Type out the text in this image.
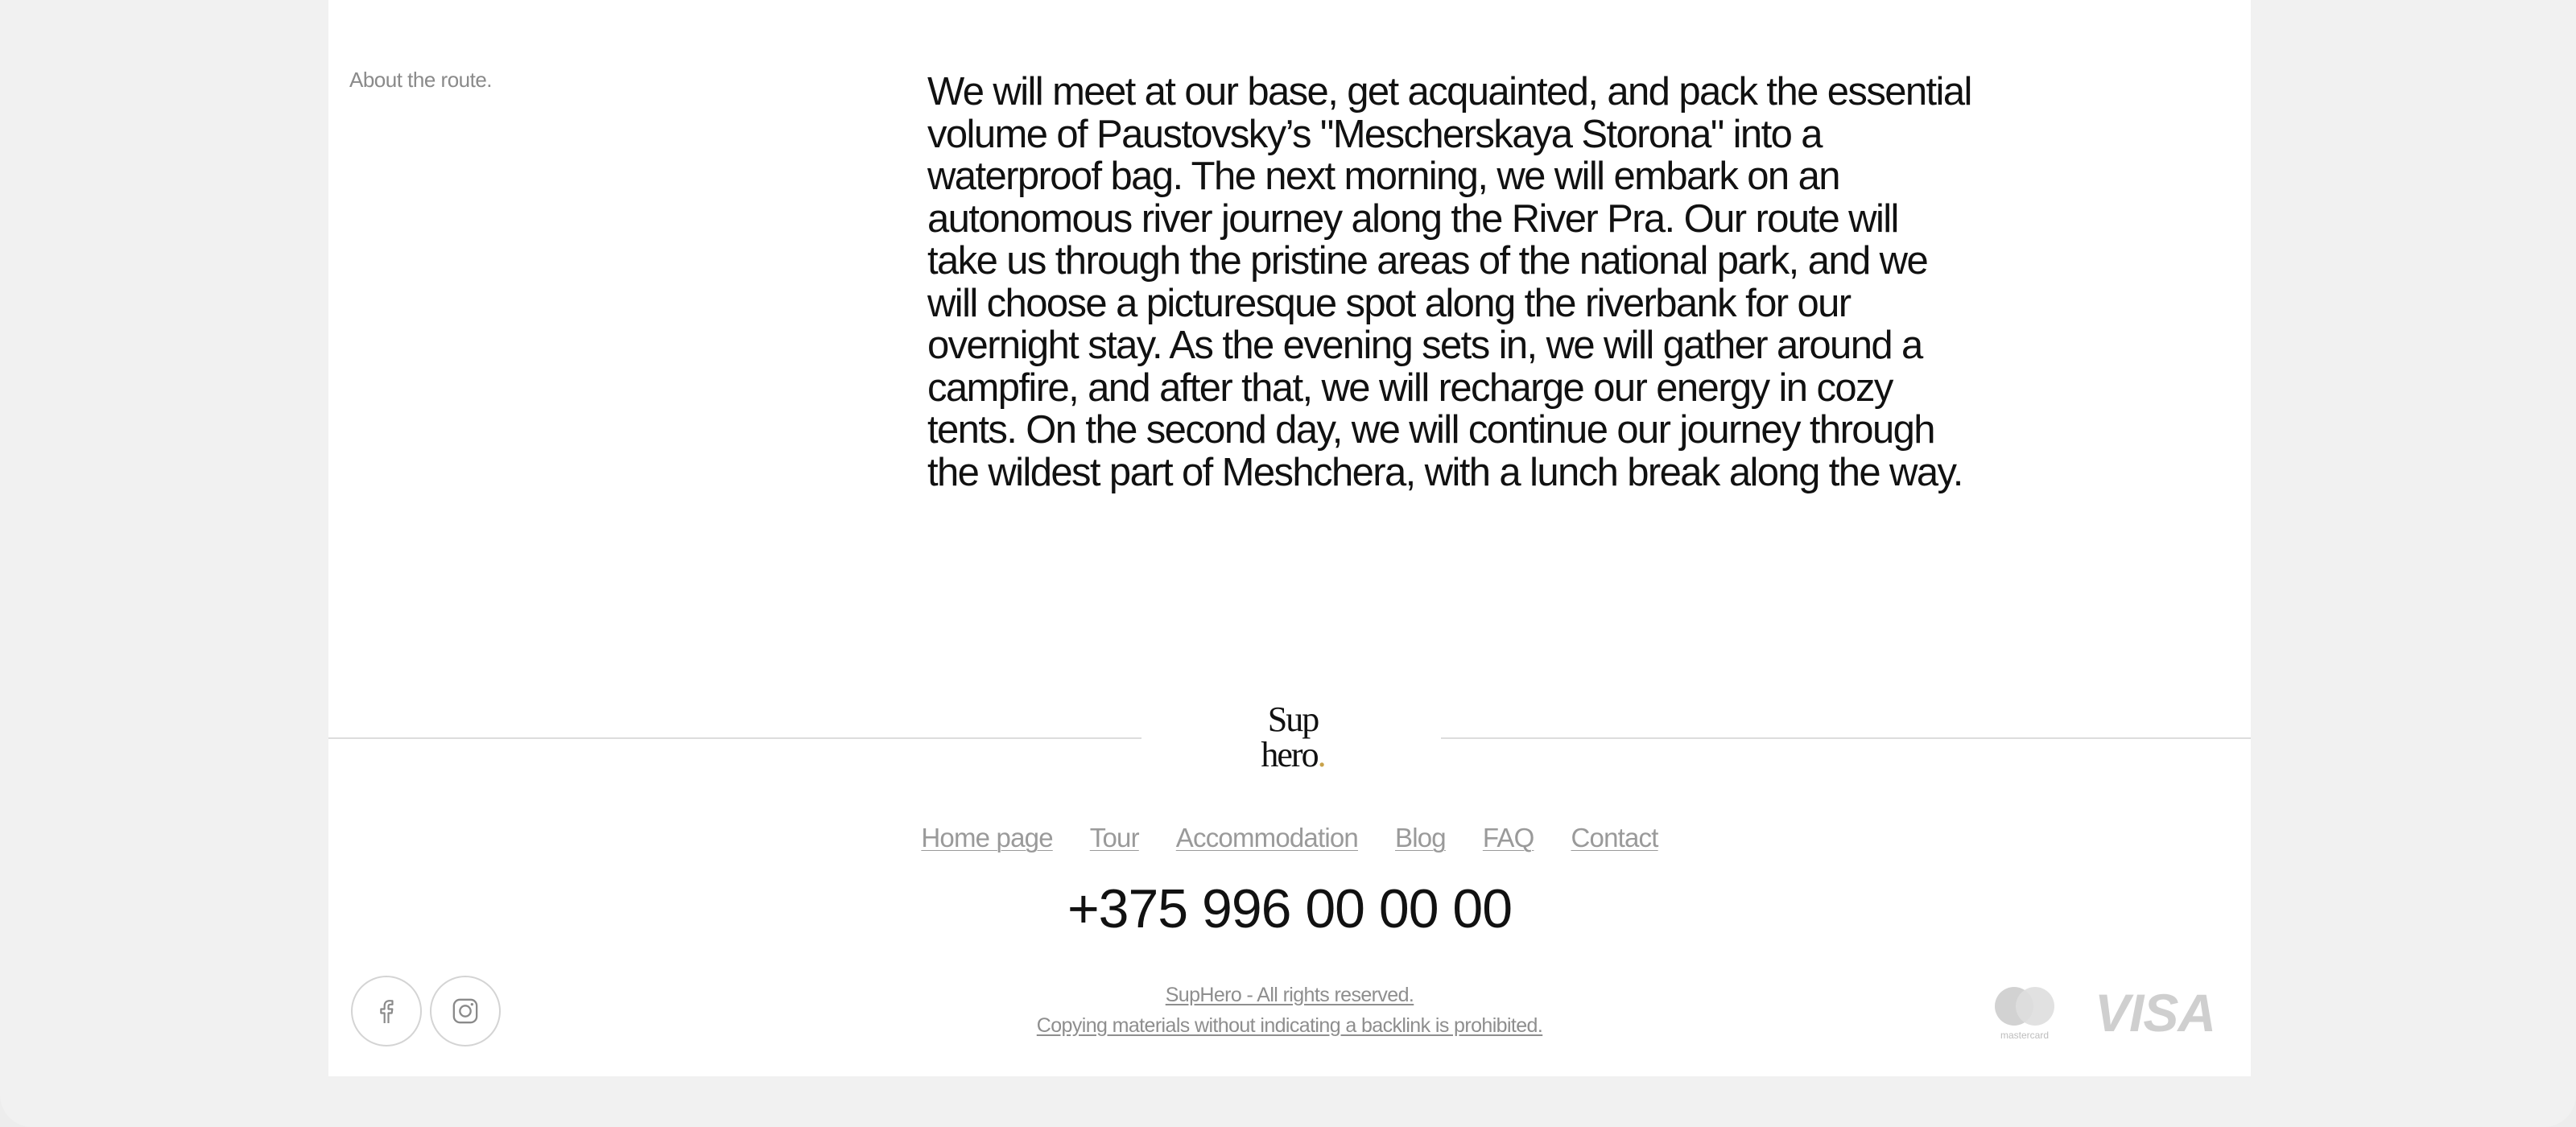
About the route.	We will meet at our base, get acquainted, and pack the essential volume of Paustovsky’s "Mescherskaya Storona" into a waterproof bag. The next morning, we will embark on an autonomous river journey along the River Pra. Our route will take us through the pristine areas of the national park, and we will choose a picturesque spot along the riverbank for our overnight stay. As the evening sets in, we will gather around a campfire, and after that, we will recharge our energy in cozy tents. On the second day, we will continue our journey through the wildest part of Meshchera, with a lunch break along the way.

Sup
hero.
Home page Tour Accommodation Blog FAQ Contact
+375 996 00 00 00
SupHero - All rights reserved.
Copying materials without indicating a backlink is prohibited.	mastercard VISA
